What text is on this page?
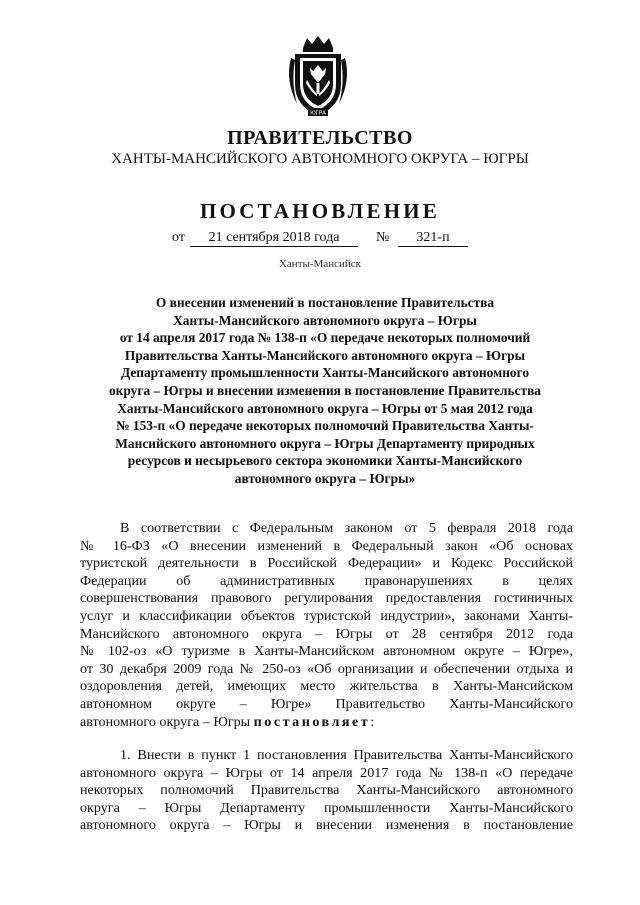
ЮГРА
ПРАВИТЕЛЬСТВО
ХАНТЫ-МАНСИЙСКОГО АВТОНОМНОГО ОКРУГА – ЮГРЫ
ПОСТАНОВЛЕНИЕ
от 21 сентября 2018 года	№ 321-п
Ханты-Мансийск
О внесении изменений в постановление Правительства
Ханты-Мансийского автономного округа – Югры
от 14 апреля 2017 года № 138-п «О передаче некоторых полномочий
Правительства Ханты-Мансийского автономного округа – Югры
Департаменту промышленности Ханты-Мансийского автономного
округа – Югры и внесении изменения в постановление Правительства
Ханты-Мансийского автономного округа – Югры от 5 мая 2012 года
№ 153-п «О передаче некоторых полномочий Правительства Ханты-
Мансийского автономного округа – Югры Департаменту природных
ресурсов и несырьевого сектора экономики Ханты-Мансийского
автономного округа – Югры»
В соответствии с Федеральным законом от 5 февраля 2018 года
№ 16-ФЗ «О внесении изменений в Федеральный закон «Об основах
туристской деятельности в Российской Федерации» и Кодекс Российской
Федерации об административных правонарушениях в целях
совершенствования правового регулирования предоставления гостиничных
услуг и классификации объектов туристской индустрии», законами Ханты-
Мансийского автономного округа – Югры от 28 сентября 2012 года
№ 102-оз «О туризме в Ханты-Мансийском автономном округе – Югре»,
от 30 декабря 2009 года № 250-оз «Об организации и обеспечении отдыха и
оздоровления детей, имеющих место жительства в Ханты-Мансийском
автономном округе – Югре» Правительство Ханты-Мансийского
автономного округа – Югры постановляет:
1. Внести в пункт 1 постановления Правительства Ханты-Мансийского
автономного округа – Югры от 14 апреля 2017 года № 138-п «О передаче
некоторых полномочий Правительства Ханты-Мансийского автономного
округа – Югры Департаменту промышленности Ханты-Мансийского
автономного округа – Югры и внесении изменения в постановление
